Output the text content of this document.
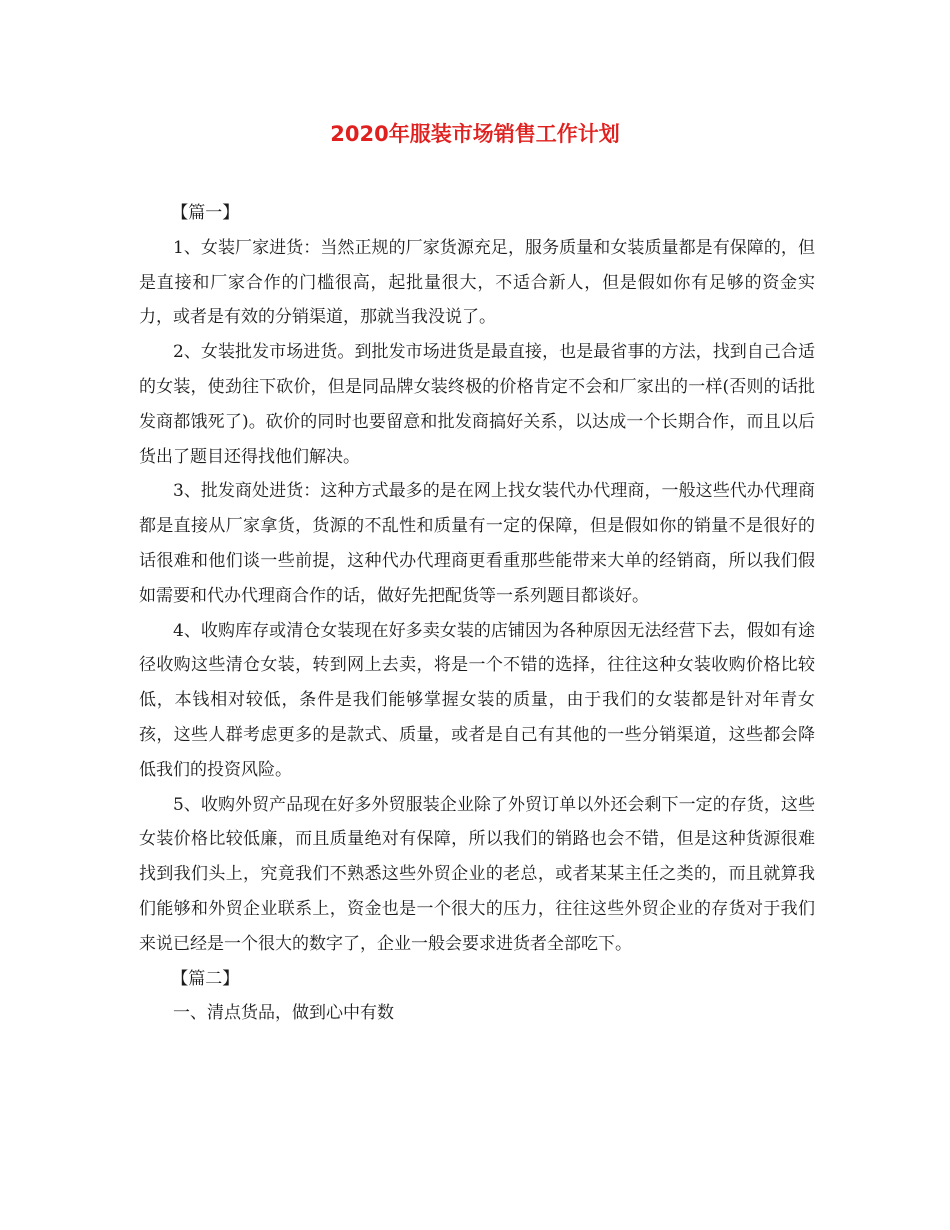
2020年服装市场销售工作计划

【篇一】

1、女装厂家进货：当然正规的厂家货源充足，服务质量和女装质量都是有保障的，但是直接和厂家合作的门槛很高，起批量很大，不适合新人，但是假如你有足够的资金实力，或者是有效的分销渠道，那就当我没说了。

2、女装批发市场进货。到批发市场进货是最直接，也是最省事的方法，找到自己合适的女装，使劲往下砍价，但是同品牌女装终极的价格肯定不会和厂家出的一样(否则的话批发商都饿死了)。砍价的同时也要留意和批发商搞好关系，以达成一个长期合作，而且以后货出了题目还得找他们解决。

3、批发商处进货：这种方式最多的是在网上找女装代办代理商，一般这些代办代理商都是直接从厂家拿货，货源的不乱性和质量有一定的保障，但是假如你的销量不是很好的话很难和他们谈一些前提，这种代办代理商更看重那些能带来大单的经销商，所以我们假如需要和代办代理商合作的话，做好先把配货等一系列题目都谈好。

4、收购库存或清仓女装现在好多卖女装的店铺因为各种原因无法经营下去，假如有途径收购这些清仓女装，转到网上去卖，将是一个不错的选择，往往这种女装收购价格比较低，本钱相对较低，条件是我们能够掌握女装的质量，由于我们的女装都是针对年青女孩，这些人群考虑更多的是款式、质量，或者是自己有其他的一些分销渠道，这些都会降低我们的投资风险。

5、收购外贸产品现在好多外贸服装企业除了外贸订单以外还会剩下一定的存货，这些女装价格比较低廉，而且质量绝对有保障，所以我们的销路也会不错，但是这种货源很难找到我们头上，究竟我们不熟悉这些外贸企业的老总，或者某某主任之类的，而且就算我们能够和外贸企业联系上，资金也是一个很大的压力，往往这些外贸企业的存货对于我们来说已经是一个很大的数字了，企业一般会要求进货者全部吃下。

【篇二】

一、清点货品，做到心中有数
